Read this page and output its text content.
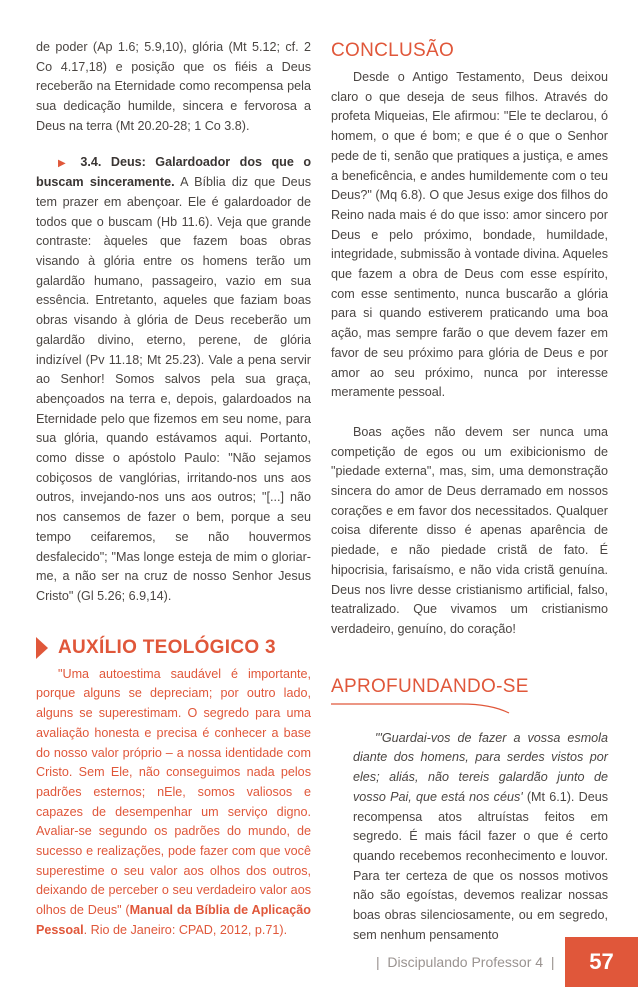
de poder (Ap 1.6; 5.9,10), glória (Mt 5.12; cf. 2 Co 4.17,18) e posição que os fiéis a Deus receberão na Eternidade como recompensa pela sua dedicação humilde, sincera e fervorosa a Deus na terra (Mt 20.20-28; 1 Co 3.8).

▶ 3.4. Deus: Galardoador dos que o buscam sinceramente. A Bíblia diz que Deus tem prazer em abençoar. Ele é galardoador de todos que o buscam (Hb 11.6). Veja que grande contraste: àqueles que fazem boas obras visando à glória entre os homens terão um galardão humano, passageiro, vazio em sua essência. Entretanto, aqueles que faziam boas obras visando à glória de Deus receberão um galardão divino, eterno, perene, de glória indizível (Pv 11.18; Mt 25.23). Vale a pena servir ao Senhor! Somos salvos pela sua graça, abençoados na terra e, depois, galardoados na Eternidade pelo que fizemos em seu nome, para sua glória, quando estávamos aqui. Portanto, como disse o apóstolo Paulo: "Não sejamos cobiçosos de vanglórias, irritando-nos uns aos outros, invejando-nos uns aos outros; "[...] não nos cansemos de fazer o bem, porque a seu tempo ceifaremos, se não houvermos desfalecido"; "Mas longe esteja de mim o gloriar-me, a não ser na cruz de nosso Senhor Jesus Cristo" (Gl 5.26; 6.9,14).

AUXÍLIO TEOLÓGICO 3

"Uma autoestima saudável é importante, porque alguns se depreciam; por outro lado, alguns se superestimam. O segredo para uma avaliação honesta e precisa é conhecer a base do nosso valor próprio – a nossa identidade com Cristo. Sem Ele, não conseguimos nada pelos padrões esternos; nEle, somos valiosos e capazes de desempenhar um serviço digno. Avaliar-se segundo os padrões do mundo, de sucesso e realizações, pode fazer com que você superestime o seu valor aos olhos dos outros, deixando de perceber o seu verdadeiro valor aos olhos de Deus" (Manual da Bíblia de Aplicação Pessoal. Rio de Janeiro: CPAD, 2012, p.71).

CONCLUSÃO

Desde o Antigo Testamento, Deus deixou claro o que deseja de seus filhos. Através do profeta Miqueias, Ele afirmou: "Ele te declarou, ó homem, o que é bom; e que é o que o Senhor pede de ti, senão que pratiques a justiça, e ames a beneficência, e andes humildemente com o teu Deus?" (Mq 6.8). O que Jesus exige dos filhos do Reino nada mais é do que isso: amor sincero por Deus e pelo próximo, bondade, humildade, integridade, submissão à vontade divina. Aqueles que fazem a obra de Deus com esse espírito, com esse sentimento, nunca buscarão a glória para si quando estiverem praticando uma boa ação, mas sempre farão o que devem fazer em favor de seu próximo para glória de Deus e por amor ao seu próximo, nunca por interesse meramente pessoal.

Boas ações não devem ser nunca uma competição de egos ou um exibicionismo de "piedade externa", mas, sim, uma demonstração sincera do amor de Deus derramado em nossos corações e em favor dos necessitados. Qualquer coisa diferente disso é apenas aparência de piedade, e não piedade cristã de fato. É hipocrisia, farisaísmo, e não vida cristã genuína. Deus nos livre desse cristianismo artificial, falso, teatralizado. Que vivamos um cristianismo verdadeiro, genuíno, do coração!

APROFUNDANDO-SE

"'Guardai-vos de fazer a vossa esmola diante dos homens, para serdes vistos por eles; aliás, não tereis galardão junto de vosso Pai, que está nos céus' (Mt 6.1). Deus recompensa atos altruístas feitos em segredo. É mais fácil fazer o que é certo quando recebemos reconhecimento e louvor. Para ter certeza de que os nossos motivos não são egoístas, devemos realizar nossas boas obras silenciosamente, ou em segredo, sem nenhum pensamento

| Discipulando Professor 4 |	57
